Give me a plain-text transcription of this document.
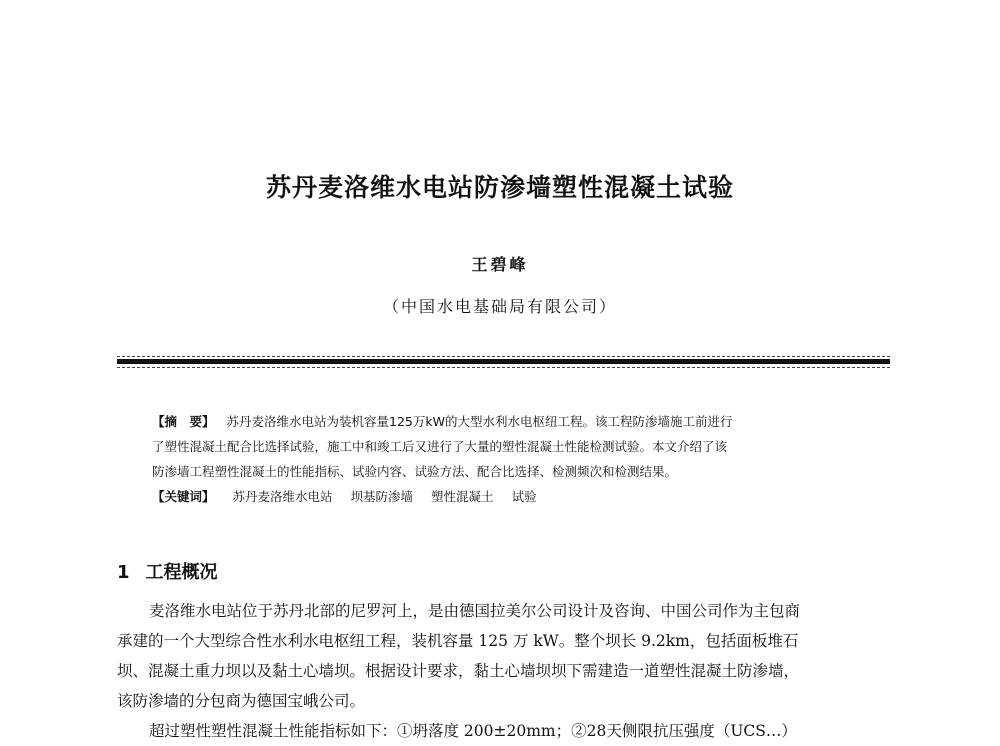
苏丹麦洛维水电站防渗墙塑性混凝土试验
王碧峰
（中国水电基础局有限公司）
【摘　要】 苏丹麦洛维水电站为装机容量125万kW的大型水利水电枢纽工程。该工程防渗墙施工前进行
了塑性混凝土配合比选择试验，施工中和竣工后又进行了大量的塑性混凝土性能检测试验。本文介绍了该
防渗墙工程塑性混凝土的性能指标、试验内容、试验方法、配合比选择、检测频次和检测结果。
【关键词】 苏丹麦洛维水电站 坝基防渗墙 塑性混凝土 试验
1 工程概况
麦洛维水电站位于苏丹北部的尼罗河上，是由德国拉美尔公司设计及咨询、中国公司作为主包商
承建的一个大型综合性水利水电枢纽工程，装机容量 125 万 kW。整个坝长 9.2km，包括面板堆石
坝、混凝土重力坝以及黏土心墙坝。根据设计要求，黏土心墙坝坝下需建造一道塑性混凝土防渗墙，
该防渗墙的分包商为德国宝峨公司。
超过塑性塑性混凝土性能指标如下：①坍落度 200±20mm；②28天侧限抗压强度（UCS…）
